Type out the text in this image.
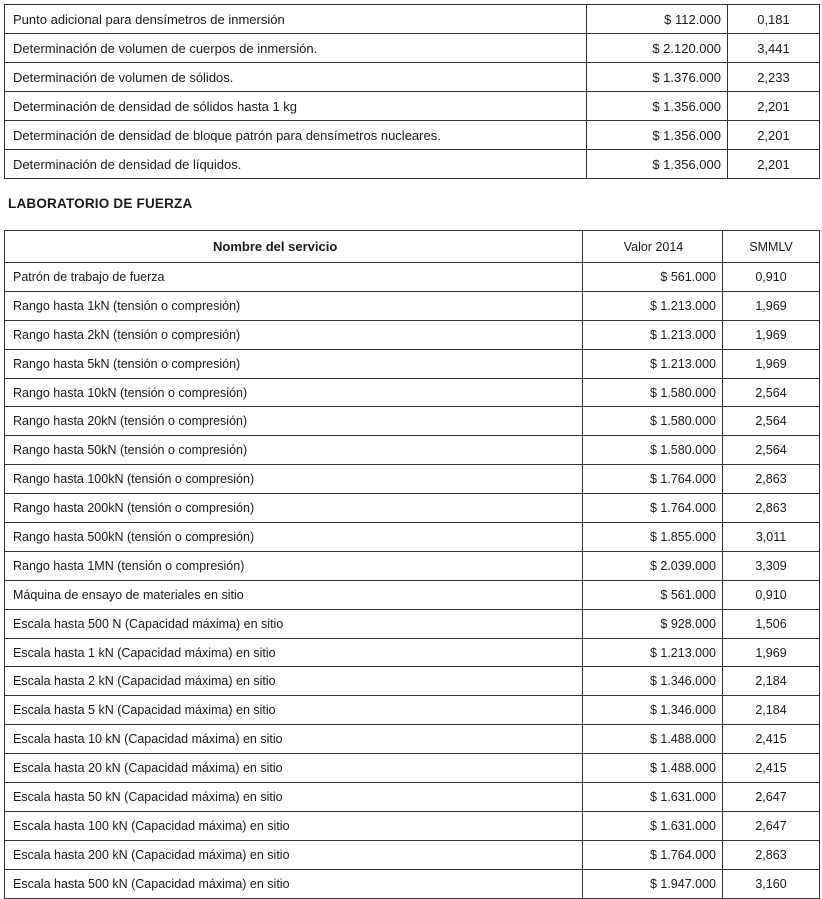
Punto adicional para densímetros de inmersión	$ 112.000	0,181
Determinación de volumen de cuerpos de inmersión.	$ 2.120.000	3,441
Determinación de volumen de sólidos.	$ 1.376.000	2,233
Determinación de densidad de sólidos hasta 1 kg	$ 1.356.000	2,201
Determinación de densidad de bloque patrón para densímetros nucleares.	$ 1.356.000	2,201
Determinación de densidad de líquidos.	$ 1.356.000	2,201
LABORATORIO DE FUERZA
Nombre del servicio	Valor 2014	SMMLV
Patrón de trabajo de fuerza	$ 561.000	0,910
Rango hasta 1kN (tensión o compresión)	$ 1.213.000	1,969
Rango hasta 2kN (tensión o compresión)	$ 1.213.000	1,969
Rango hasta 5kN (tensión o compresión)	$ 1.213.000	1,969
Rango hasta 10kN (tensión o compresión)	$ 1.580.000	2,564
Rango hasta 20kN (tensión o compresión)	$ 1.580.000	2,564
Rango hasta 50kN (tensión o compresión)	$ 1.580.000	2,564
Rango hasta 100kN (tensión o compresión)	$ 1.764.000	2,863
Rango hasta 200kN (tensión o compresión)	$ 1.764.000	2,863
Rango hasta 500kN (tensión o compresión)	$ 1.855.000	3,011
Rango hasta 1MN (tensión o compresión)	$ 2.039.000	3,309
Máquina de ensayo de materiales en sitio	$ 561.000	0,910
Escala hasta 500 N (Capacidad máxima) en sitio	$ 928.000	1,506
Escala hasta 1 kN (Capacidad máxima) en sitio	$ 1.213.000	1,969
Escala hasta 2 kN (Capacidad máxima) en sitio	$ 1.346.000	2,184
Escala hasta 5 kN (Capacidad máxima) en sitio	$ 1.346.000	2,184
Escala hasta 10 kN (Capacidad máxima) en sitio	$ 1.488.000	2,415
Escala hasta 20 kN (Capacidad máxima) en sitio	$ 1.488.000	2,415
Escala hasta 50 kN (Capacidad máxima) en sitio	$ 1.631.000	2,647
Escala hasta 100 kN (Capacidad máxima) en sitio	$ 1.631.000	2,647
Escala hasta 200 kN (Capacidad máxima) en sitio	$ 1.764.000	2,863
Escala hasta 500 kN (Capacidad máxima) en sitio	$ 1.947.000	3,160
